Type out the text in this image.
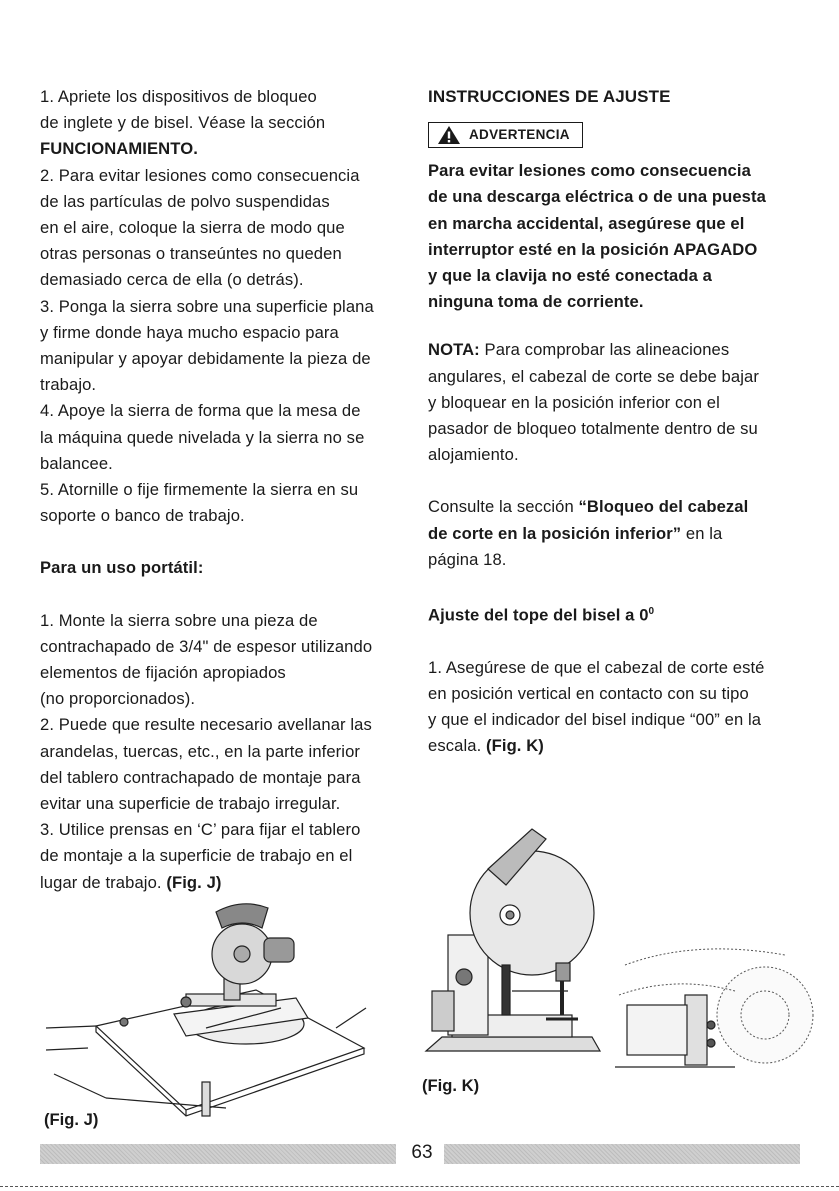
1. Apriete los dispositivos de bloqueo

de inglete y de bisel. Véase la sección

FUNCIONAMIENTO.

2. Para evitar lesiones como consecuencia

de las partículas de polvo suspendidas

en el aire, coloque la sierra de modo que

otras personas o transeúntes no queden

demasiado cerca de ella (o detrás).

3. Ponga la sierra sobre una superficie plana

y firme donde haya mucho espacio para

manipular y apoyar debidamente la pieza de

trabajo.

4. Apoye la sierra de forma que la mesa de

la máquina quede nivelada y la sierra no se

balancee.

5. Atornille o fije firmemente la sierra en su

soporte o banco de trabajo.

Para un uso portátil:

1. Monte la sierra sobre una pieza de

contrachapado de 3/4" de espesor utilizando

elementos de fijación apropiados

(no proporcionados).

2. Puede que resulte necesario avellanar las

arandelas, tuercas, etc., en la parte inferior

del tablero contrachapado de montaje para

evitar una superficie de trabajo irregular.

3. Utilice prensas en ‘C’ para fijar el tablero

de montaje a la superficie de trabajo en el

lugar de trabajo. (Fig. J)

INSTRUCCIONES DE AJUSTE

ADVERTENCIA

Para evitar lesiones como consecuencia

de una descarga eléctrica o de una puesta

en marcha accidental, asegúrese que el

interruptor esté en la posición APAGADO

y que la clavija no esté conectada a

ninguna toma de corriente.

NOTA: Para comprobar las alineaciones

angulares, el cabezal de corte se debe bajar

y bloquear en la posición inferior con el

pasador de bloqueo totalmente dentro de su

alojamiento.

Consulte la sección “Bloqueo del cabezal

de corte en la posición inferior” en la

página 18.

Ajuste del tope del bisel a $0^0$

1. Asegúrese de que el cabezal de corte esté

en posición vertical en contacto con su tipo

y que el indicador del bisel indique “00” en la

escala. (Fig. K)

(Fig. J)
(Fig. K)
63
